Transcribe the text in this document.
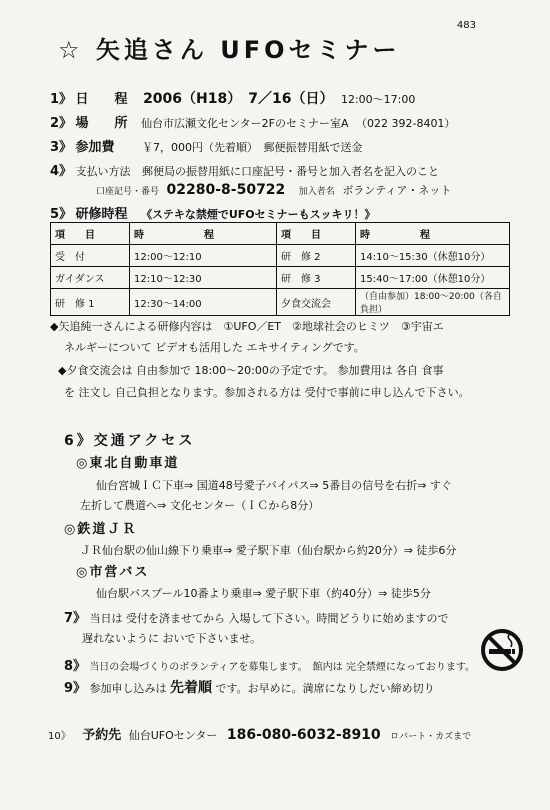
483
☆ 矢追さん UFOセミナー
1》 日　　程 2006（H18）　7／16（日） 12:00〜17:00
2》 場　　所 仙台市広瀬文化センター2Fのセミナー室A （022 392-8401）
3》 参加費	￥7，000円（先着順）　郵便振替用紙で送金
4》 支払い方法 郵便局の振替用紙に口座記号・番号と加入者名を記入のこと
口座記号・番号 02280-8-50722 加入者名 ボランティア・ネット
5》 研修時程 《ステキな禁煙でUFOセミナーもスッキリ！》
項　　目	時　　　　　　程	項　　目	時　　　　　程
受　付	12:00〜12:10	研　修 2	14:10〜15:30（休憩10分）
ガイダンス	12:10〜12:30	研　修 3	15:40〜17:00（休憩10分）
研　修 1	12:30〜14:00	夕食交流会	（自由参加）18:00〜20:00（各自負担）
◆矢追純一さんによる研修内容は　①UFO／ET　②地球社会のヒミツ　③宇宙エ
ネルギーについて ビデオも活用した エキサイティングです。
◆夕食交流会は 自由参加で 18:00〜20:00の予定です。 参加費用は 各自 食事
を 注文し 自己負担となります。参加される方は 受付で事前に申し込んで下さい。
6》交通アクセス
◎東北自動車道
仙台宮城ＩＣ下車⇒ 国道48号愛子バイパス⇒ 5番目の信号を右折⇒ すぐ
左折して農道へ⇒ 文化センター（ＩＣから8分）
◎鉄道ＪＲ
ＪＲ仙台駅の仙山線下り乗車⇒ 愛子駅下車（仙台駅から約20分）⇒ 徒歩6分
◎市営バス
仙台駅バスプール10番より乗車⇒ 愛子駅下車（約40分）⇒ 徒歩5分
7》 当日は 受付を済ませてから 入場して下さい。時間どうりに始めますので
遅れないように おいで下さいませ。
8》 当日の会場づくりのボランティアを募集します。　館内は 完全禁煙になっております。
9》 参加申し込みは 先着順 です。お早めに。満席になりしだい締め切り
10》 予約先 仙台UFOセンター 186-080-6032-8910 ロバート・カズまで
